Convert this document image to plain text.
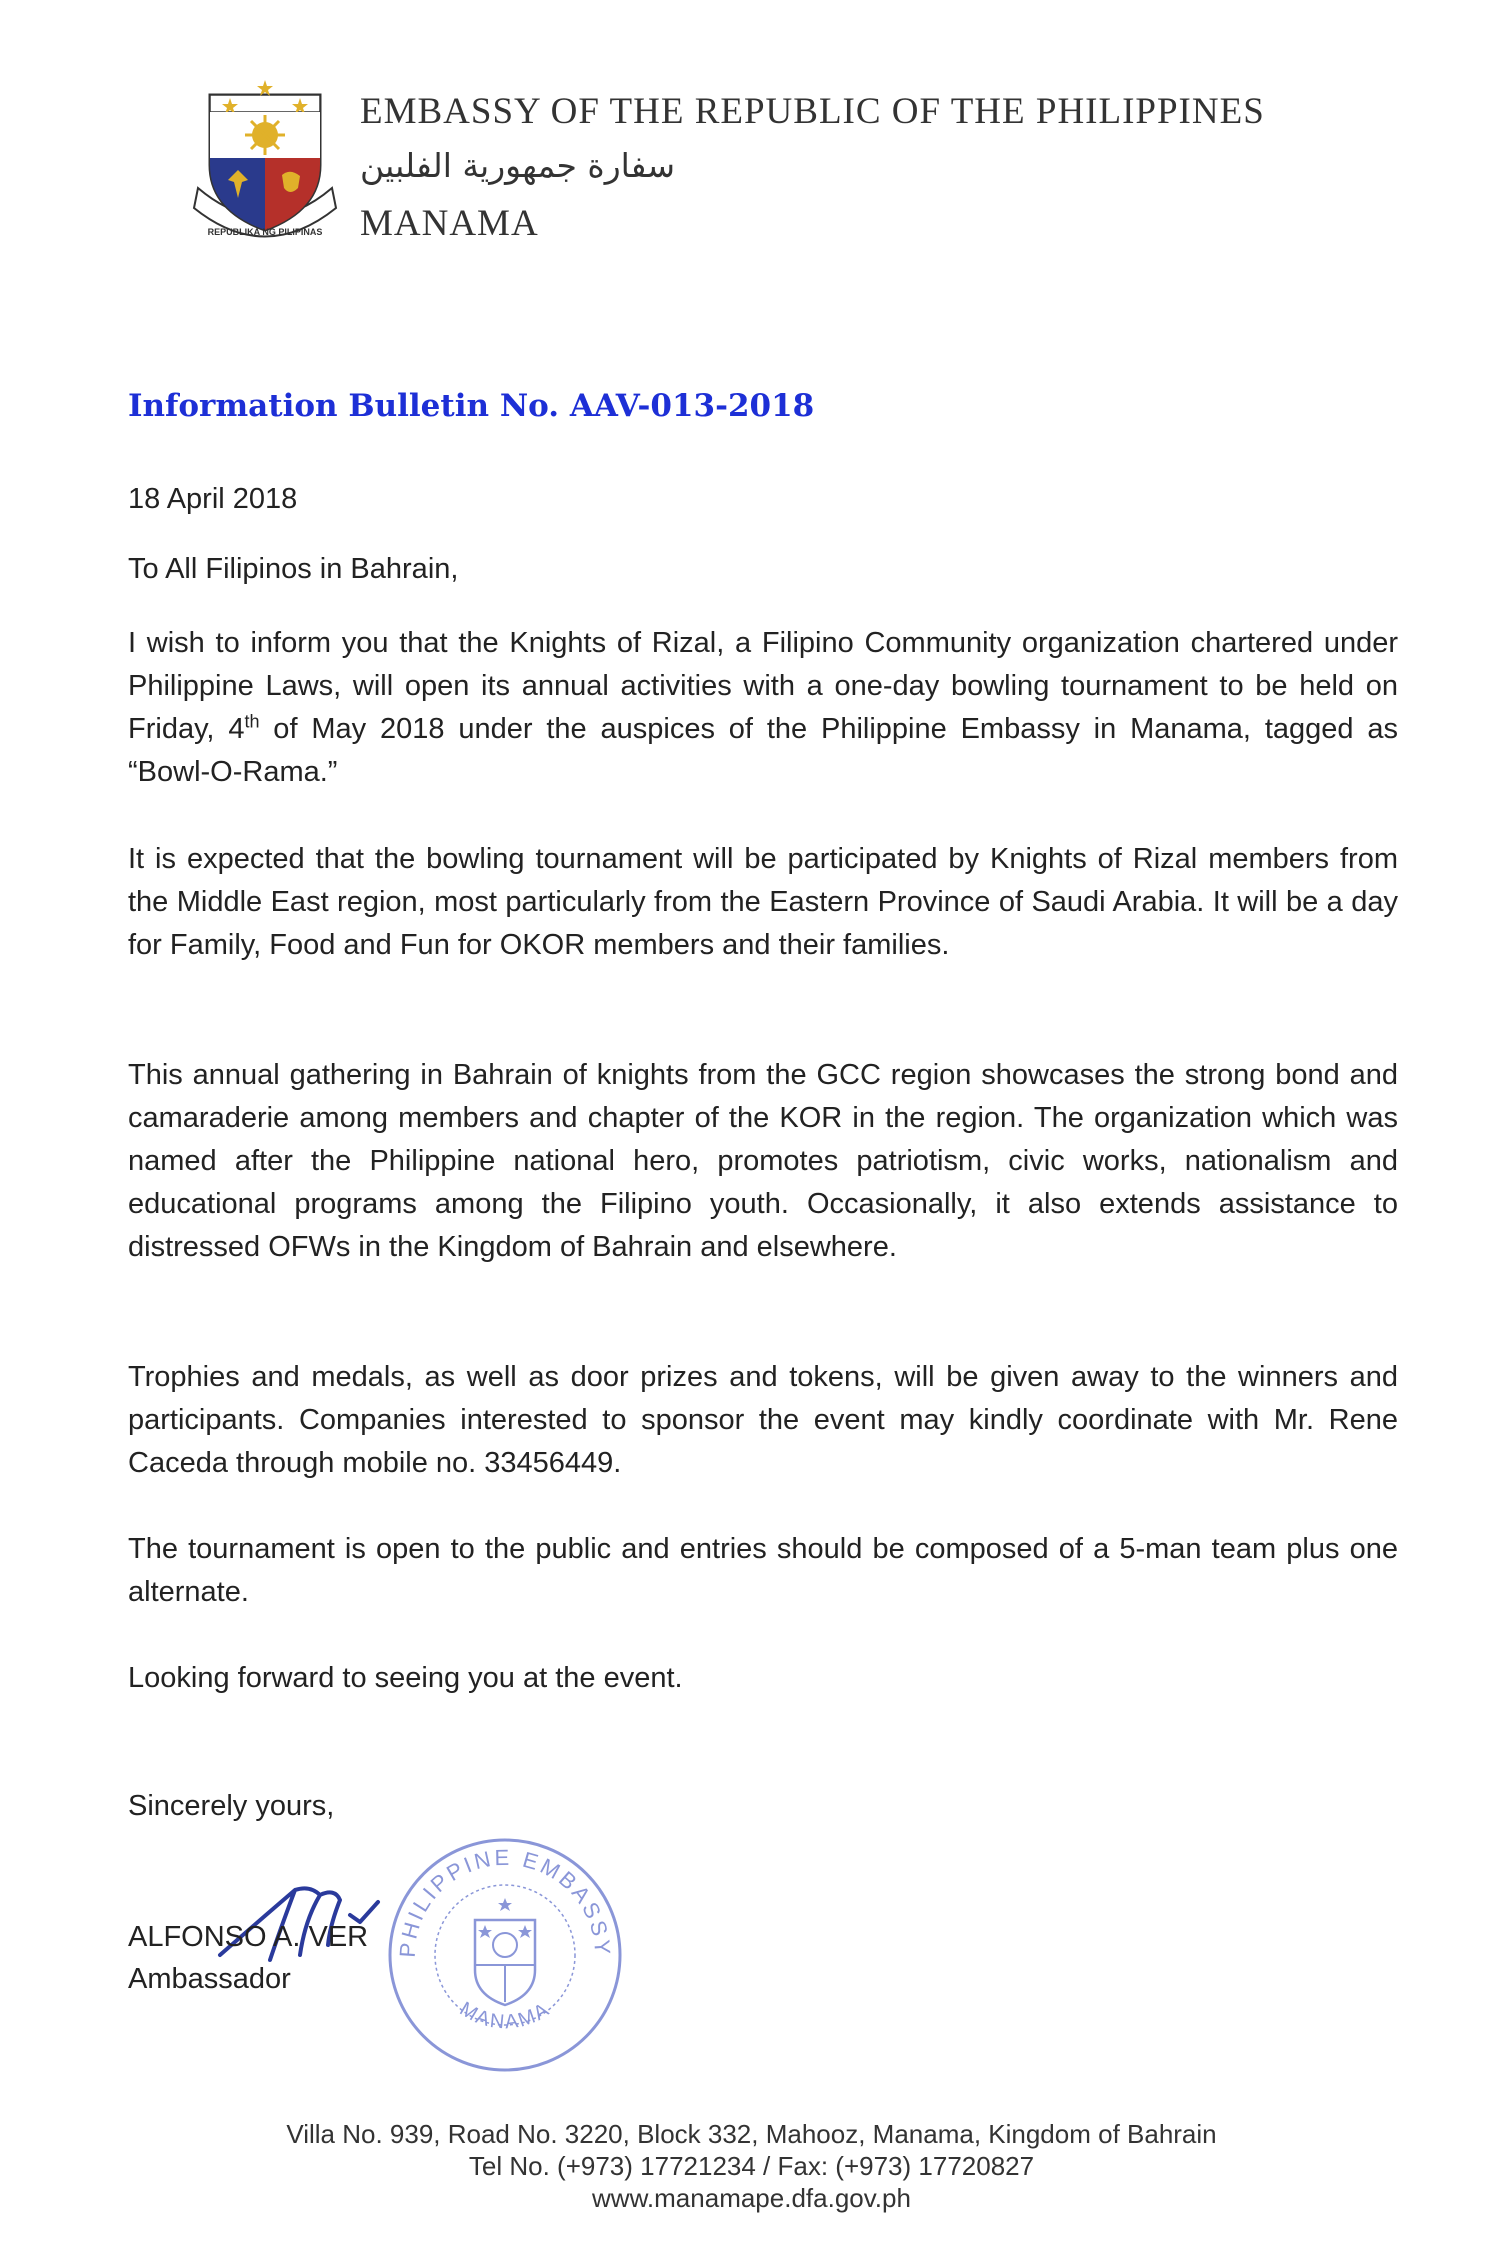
REPUBLIKA NG PILIPINAS
EMBASSY OF THE REPUBLIC OF THE PHILIPPINES
سفارة جمهورية الفلبين
MANAMA
Information Bulletin No. AAV-013-2018
18 April 2018
To All Filipinos in Bahrain,
I wish to inform you that the Knights of Rizal, a Filipino Community organization chartered under Philippine Laws, will open its annual activities with a one-day bowling tournament to be held on Friday, 4th of May 2018 under the auspices of the Philippine Embassy in Manama, tagged as “Bowl-O-Rama.”
It is expected that the bowling tournament will be participated by Knights of Rizal members from the Middle East region, most particularly from the Eastern Province of Saudi Arabia. It will be a day for Family, Food and Fun for OKOR members and their families.
This annual gathering in Bahrain of knights from the GCC region showcases the strong bond and camaraderie among members and chapter of the KOR in the region. The organization which was named after the Philippine national hero, promotes patriotism, civic works, nationalism and educational programs among the Filipino youth. Occasionally, it also extends assistance to distressed OFWs in the Kingdom of Bahrain and elsewhere.
Trophies and medals, as well as door prizes and tokens, will be given away to the winners and participants. Companies interested to sponsor the event may kindly coordinate with Mr. Rene Caceda through mobile no. 33456449.
The tournament is open to the public and entries should be composed of a 5-man team plus one alternate.
Looking forward to seeing you at the event.
Sincerely yours,
ALFONSO A. VER
Ambassador
PHILIPPINE EMBASSY
MANAMA
Villa No. 939, Road No. 3220, Block 332, Mahooz, Manama, Kingdom of Bahrain
Tel No. (+973) 17721234 / Fax: (+973) 17720827
www.manamape.dfa.gov.ph
